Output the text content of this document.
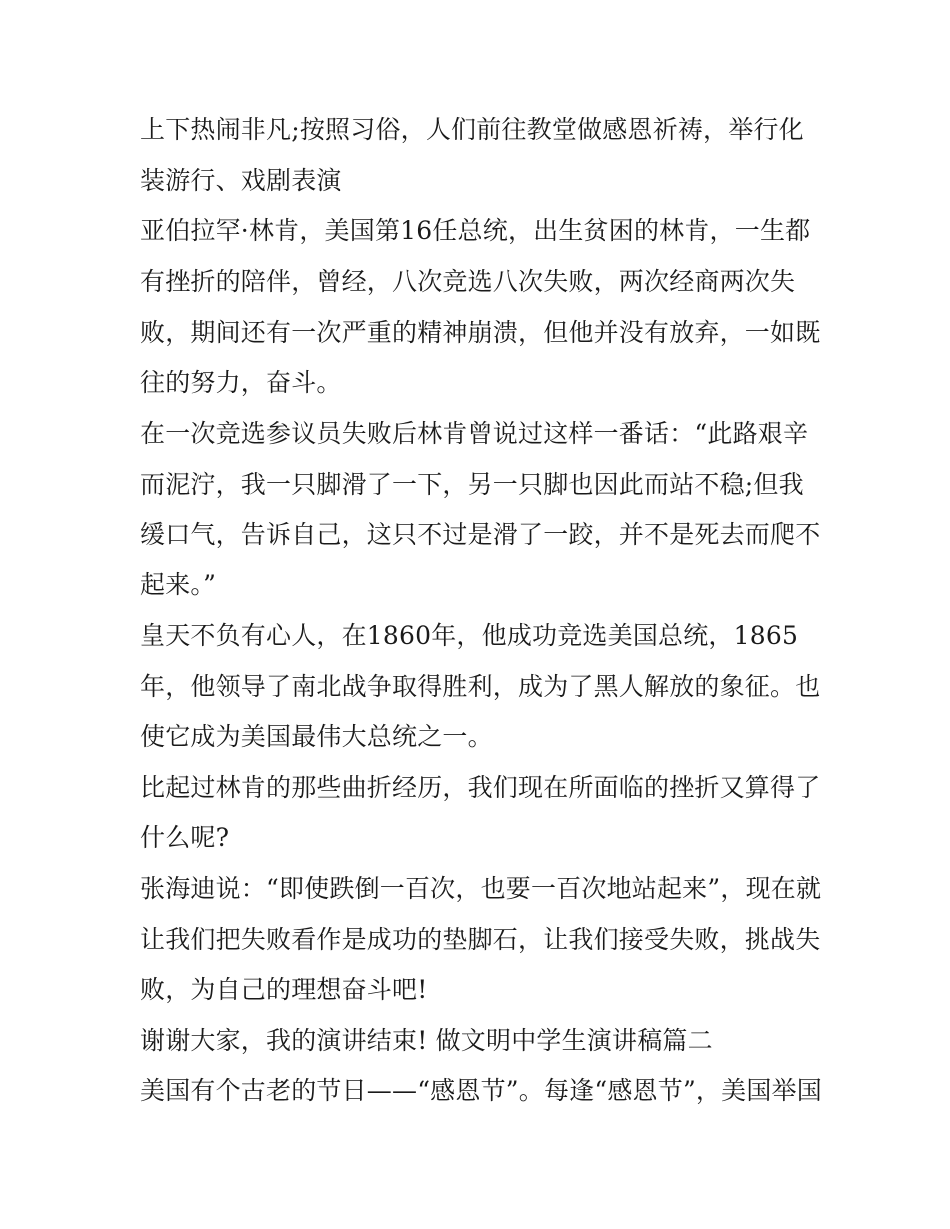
上下热闹非凡;按照习俗，人们前往教堂做感恩祈祷，举行化
装游行、戏剧表演
亚伯拉罕·林肯，美国第16任总统，出生贫困的林肯，一生都
有挫折的陪伴，曾经，八次竞选八次失败，两次经商两次失
败，期间还有一次严重的精神崩溃，但他并没有放弃，一如既
往的努力，奋斗。
在一次竞选参议员失败后林肯曾说过这样一番话：“此路艰辛
而泥泞，我一只脚滑了一下，另一只脚也因此而站不稳;但我
缓口气，告诉自己，这只不过是滑了一跤，并不是死去而爬不
起来。”
皇天不负有心人，在1860年，他成功竞选美国总统，1865
年，他领导了南北战争取得胜利，成为了黑人解放的象征。也
使它成为美国最伟大总统之一。
比起过林肯的那些曲折经历，我们现在所面临的挫折又算得了
什么呢?
张海迪说：“即使跌倒一百次，也要一百次地站起来”，现在就
让我们把失败看作是成功的垫脚石，让我们接受失败，挑战失
败，为自己的理想奋斗吧!
谢谢大家，我的演讲结束! 做文明中学生演讲稿篇二
美国有个古老的节日——“感恩节”。每逢“感恩节”，美国举国
